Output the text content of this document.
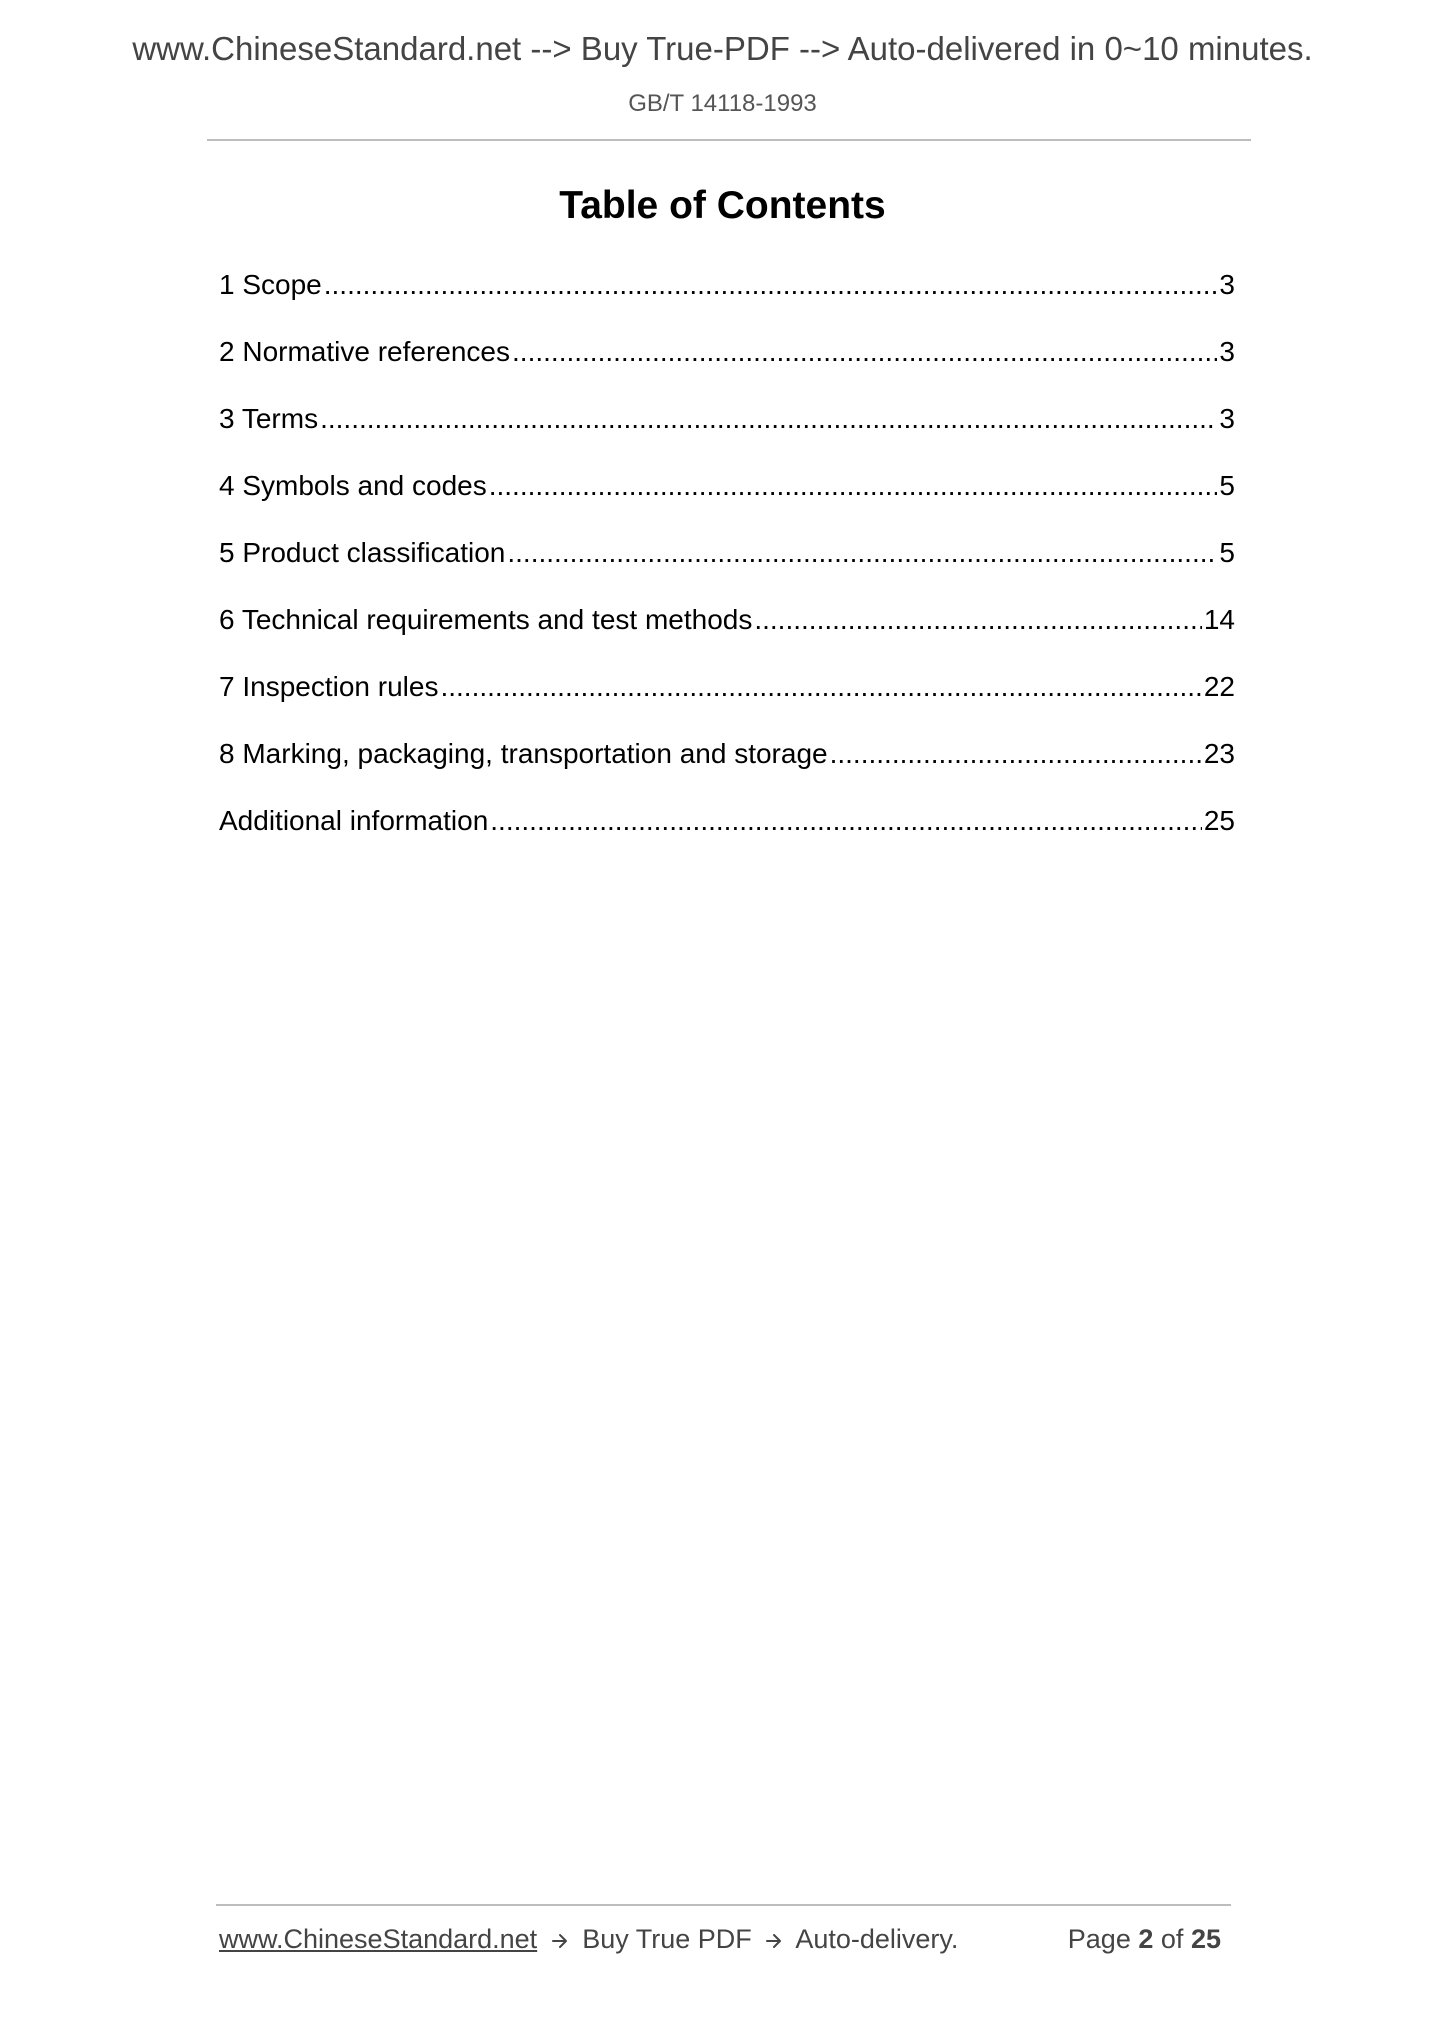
www.ChineseStandard.net --> Buy True-PDF --> Auto-delivered in 0~10 minutes.
GB/T 14118-1993
Table of Contents
1 Scope .....	3
2 Normative references .....	3
3 Terms .....	3
4 Symbols and codes .....	5
5 Product classification .....	5
6 Technical requirements and test methods .....	14
7 Inspection rules .....	22
8 Marking, packaging, transportation and storage .....	23
Additional information .....	25
www.ChineseStandard.net Buy True PDF Auto-delivery.	Page 2 of 25
